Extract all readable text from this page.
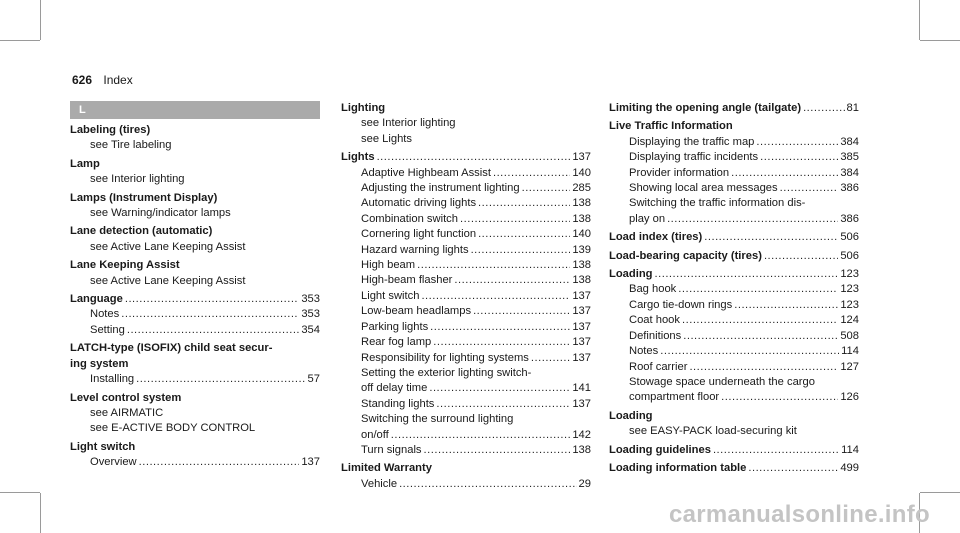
626 Index
L
Labeling (tires)
see Tire labeling
Lamp
see Interior lighting
Lamps (Instrument Display)
see Warning/indicator lamps
Lane detection (automatic)
see Active Lane Keeping Assist
Lane Keeping Assist
see Active Lane Keeping Assist
Language .....	353
Notes .....	353
Setting .....	354
LATCH-type (ISOFIX) child seat secur-
ing system
Installing .....	57
Level control system
see AIRMATIC
see E-ACTIVE BODY CONTROL
Light switch
Overview .....	137
Lighting
see Interior lighting
see Lights
Lights .....	137
Adaptive Highbeam Assist .....	140
Adjusting the instrument lighting .....	285
Automatic driving lights .....	138
Combination switch .....	138
Cornering light function .....	140
Hazard warning lights .....	139
High beam .....	138
High-beam flasher .....	138
Light switch .....	137
Low-beam headlamps .....	137
Parking lights .....	137
Rear fog lamp .....	137
Responsibility for lighting systems .....	137
Setting the exterior lighting switch-
off delay time .....	141
Standing lights .....	137
Switching the surround lighting
on/off .....	142
Turn signals .....	138
Limited Warranty
Vehicle .....	29
Limiting the opening angle (tailgate) .....	81
Live Traffic Information
Displaying the traffic map .....	384
Displaying traffic incidents .....	385
Provider information .....	384
Showing local area messages .....	386
Switching the traffic information dis-
play on .....	386
Load index (tires) .....	506
Load-bearing capacity (tires) .....	506
Loading .....	123
Bag hook .....	123
Cargo tie-down rings .....	123
Coat hook .....	124
Definitions .....	508
Notes .....	114
Roof carrier .....	127
Stowage space underneath the cargo
compartment floor .....	126
Loading
see EASY-PACK load-securing kit
Loading guidelines .....	114
Loading information table .....	499
carmanualsonline.info
